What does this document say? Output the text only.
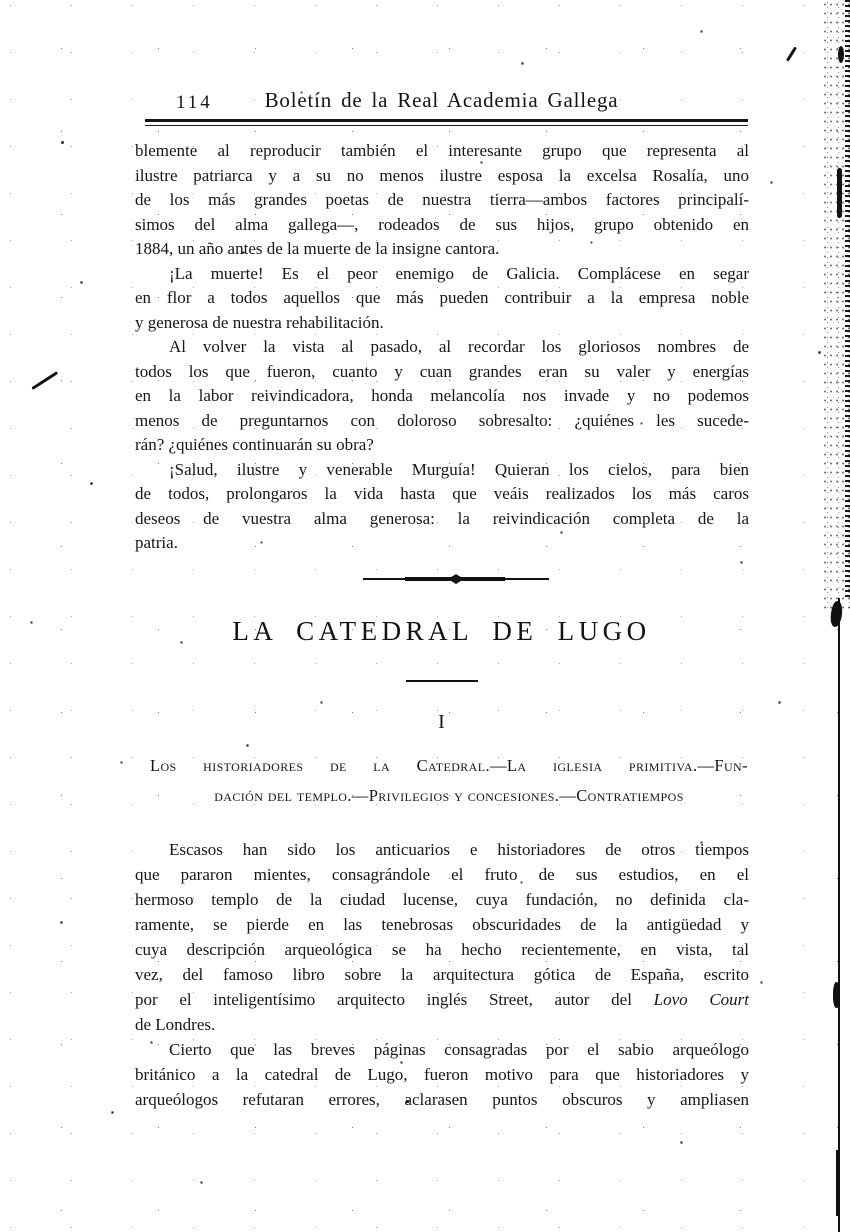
114	Boletín de la Real Academia Gallega
blemente al reproducir también el interesante grupo que representa al
ilustre patriarca y a su no menos ilustre esposa la excelsa Rosalía, uno
de los más grandes poetas de nuestra tierra—ambos factores principalí-
simos del alma gallega—, rodeados de sus hijos, grupo obtenido en
1884, un año antes de la muerte de la insigne cantora.
¡La muerte! Es el peor enemigo de Galicia. Complácese en segar
en flor a todos aquellos que más pueden contribuir a la empresa noble
y generosa de nuestra rehabilitación.
Al volver la vista al pasado, al recordar los gloriosos nombres de
todos los que fueron, cuanto y cuan grandes eran su valer y energías
en la labor reivindicadora, honda melancolía nos invade y no podemos
menos de preguntarnos con doloroso sobresalto: ¿quiénes les sucede-
rán? ¿quiénes continuarán su obra?
¡Salud, ilustre y venerable Murguía! Quieran los cielos, para bien
de todos, prolongaros la vida hasta que veáis realizados los más caros
deseos de vuestra alma generosa: la reivindicación completa de la
patria.
LA CATEDRAL DE LUGO
I
Los historiadores de la Catedral.—La iglesia primitiva.—Fun-
dación del templo.—Privilegios y concesiones.—Contratiempos
Escasos han sido los anticuarios e historiadores de otros tiempos
que pararon mientes, consagrándole el fruto de sus estudios, en el
hermoso templo de la ciudad lucense, cuya fundación, no definida cla-
ramente, se pierde en las tenebrosas obscuridades de la antigüedad y
cuya descripción arqueológica se ha hecho recientemente, en vista, tal
vez, del famoso libro sobre la arquitectura gótica de España, escrito
por el inteligentísimo arquitecto inglés Street, autor del Lovo Court
de Londres.
Cierto que las breves páginas consagradas por el sabio arqueólogo
británico a la catedral de Lugo, fueron motivo para que historiadores y
arqueólogos refutaran errores, aclarasen puntos obscuros y ampliasen
